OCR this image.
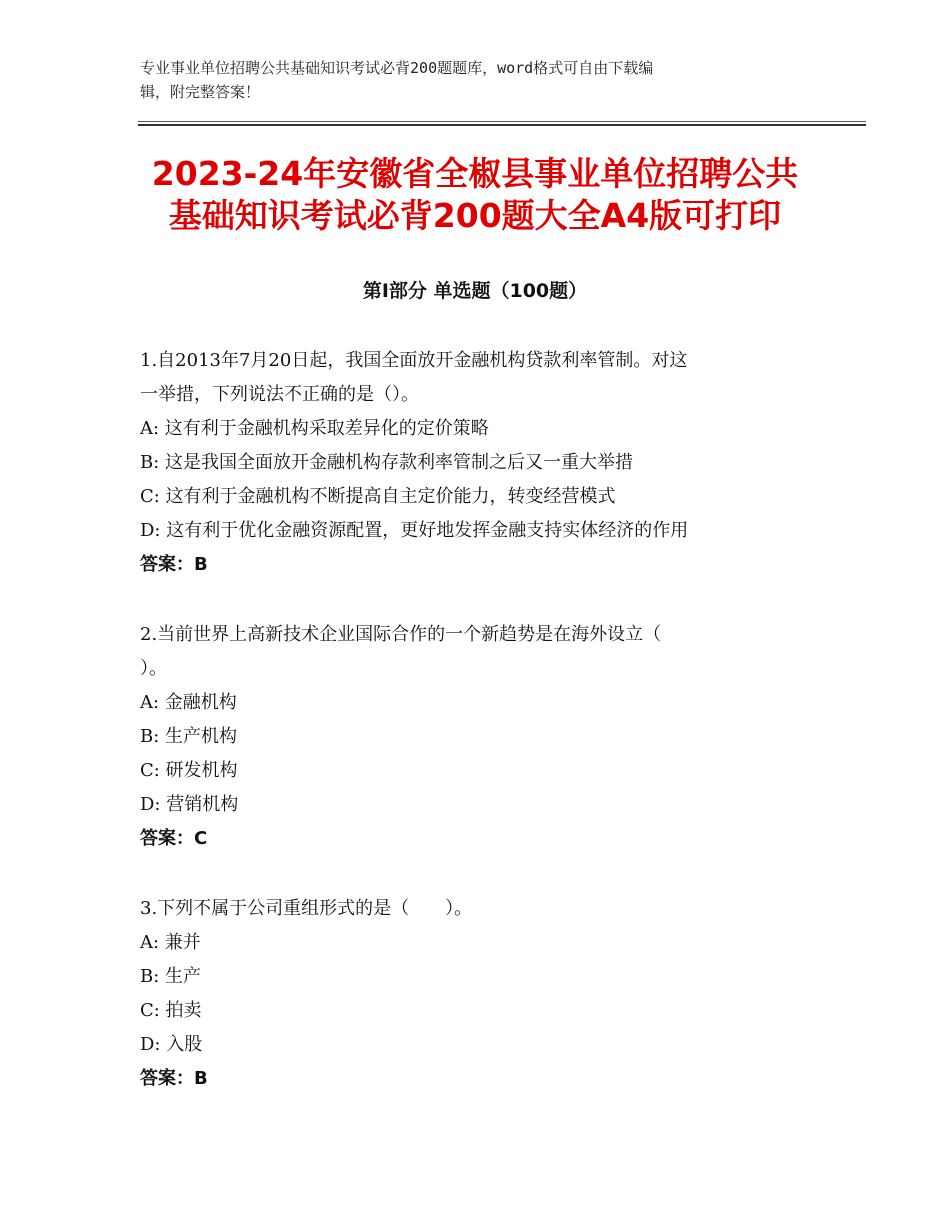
专业事业单位招聘公共基础知识考试必背200题题库，word格式可自由下载编
辑，附完整答案！
2023-24年安徽省全椒县事业单位招聘公共
基础知识考试必背200题大全A4版可打印
第Ⅰ部分 单选题（100题）
1.自2013年7月20日起，我国全面放开金融机构贷款利率管制。对这
一举措，下列说法不正确的是（）。
A: 这有利于金融机构采取差异化的定价策略
B: 这是我国全面放开金融机构存款利率管制之后又一重大举措
C: 这有利于金融机构不断提高自主定价能力，转变经营模式
D: 这有利于优化金融资源配置，更好地发挥金融支持实体经济的作用
答案：B
2.当前世界上高新技术企业国际合作的一个新趋势是在海外设立（
）。
A: 金融机构
B: 生产机构
C: 研发机构
D: 营销机构
答案：C
3.下列不属于公司重组形式的是（　　）。
A: 兼并
B: 生产
C: 拍卖
D: 入股
答案：B
